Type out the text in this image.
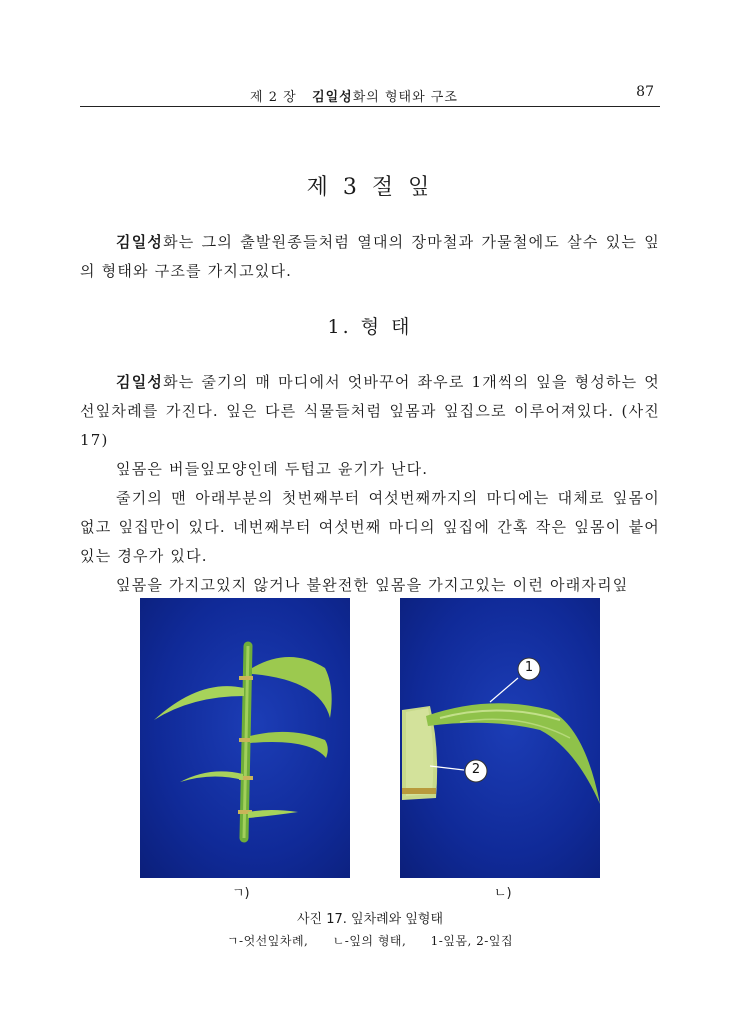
제 2 장 김일성화의 형태와 구조	87
제 3 절 잎
김일성화는 그의 출발원종들처럼 열대의 장마철과 가물철에도 살수 있는 잎의 형태와 구조를 가지고있다.
1. 형 태
김일성화는 줄기의 매 마디에서 엇바꾸어 좌우로 1개씩의 잎을 형성하는 엇선잎차례를 가진다. 잎은 다른 식물들처럼 잎몸과 잎집으로 이루어져있다. (사진 17)
잎몸은 버들잎모양인데 두텁고 윤기가 난다.
줄기의 맨 아래부분의 첫번째부터 여섯번째까지의 마디에는 대체로 잎몸이 없고 잎집만이 있다. 네번째부터 여섯번째 마디의 잎집에 간혹 작은 잎몸이 붙어있는 경우가 있다.
잎몸을 가지고있지 않거나 불완전한 잎몸을 가지고있는 이런 아래자리잎
1
2
ㄱ)	ㄴ)
사진 17. 잎차례와 잎형태
ㄱ-엇선잎차례, ㄴ-잎의 형태, 1-잎몸, 2-잎집
